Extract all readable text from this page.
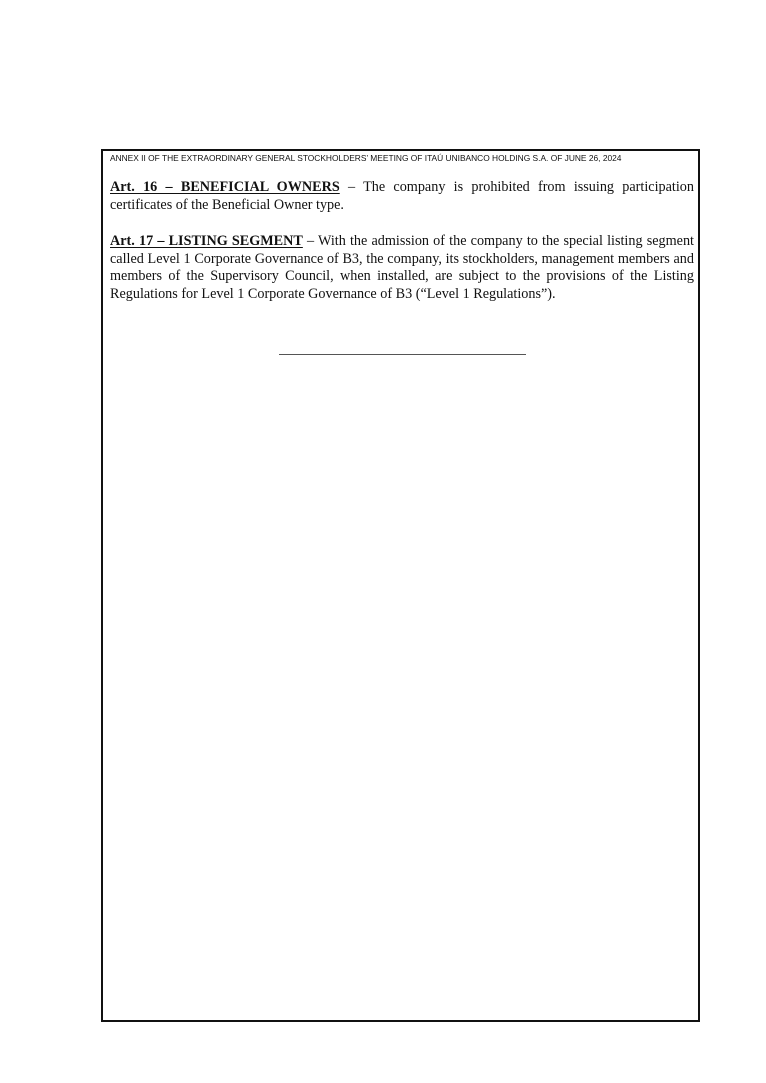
ANNEX II OF THE EXTRAORDINARY GENERAL STOCKHOLDERS’ MEETING OF ITAÚ UNIBANCO HOLDING S.A. OF JUNE 26, 2024

Art. 16 – BENEFICIAL OWNERS – The company is prohibited from issuing participation certificates of the Beneficial Owner type.

Art. 17 – LISTING SEGMENT – With the admission of the company to the special listing segment called Level 1 Corporate Governance of B3, the company, its stockholders, management members and members of the Supervisory Council, when installed, are subject to the provisions of the Listing Regulations for Level 1 Corporate Governance of B3 (“Level 1 Regulations”).
